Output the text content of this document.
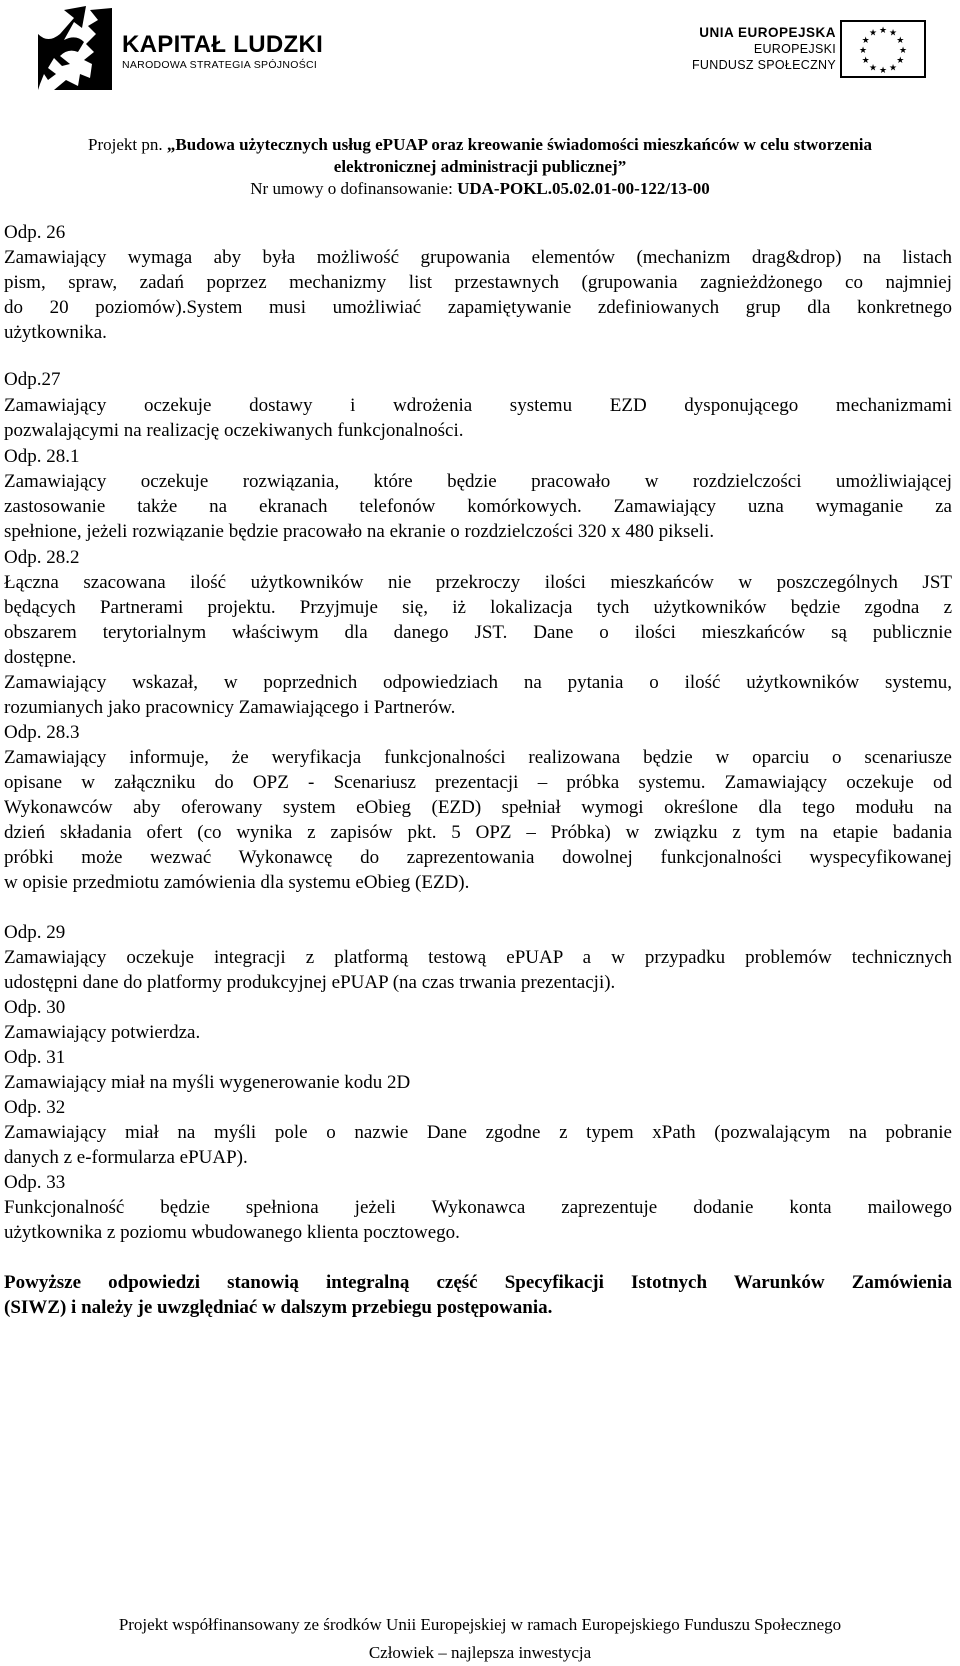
KAPITAŁ LUDZKI
NARODOWA STRATEGIA SPÓJNOŚCI
UNIA EUROPEJSKA
EUROPEJSKI
FUNDUSZ SPOŁECZNY
★ ★
★
★
★
★
★
★
★
★
★
★
Projekt pn. „Budowa użytecznych usług ePUAP oraz kreowanie świadomości mieszkańców w celu stworzenia
elektronicznej administracji publicznej”
Nr umowy o dofinansowanie: UDA-POKL.05.02.01-00-122/13-00
Odp. 26
Zamawiający wymaga aby była możliwość grupowania elementów (mechanizm drag&drop) na listach
pism, spraw, zadań poprzez mechanizmy list przestawnych (grupowania zagnieżdżonego co najmniej
do 20 poziomów).System musi umożliwiać zapamiętywanie zdefiniowanych grup dla konkretnego
użytkownika.
Odp.27
Zamawiający oczekuje dostawy i wdrożenia systemu EZD dysponującego mechanizmami
pozwalającymi na realizację oczekiwanych funkcjonalności.
Odp. 28.1
Zamawiający oczekuje rozwiązania, które będzie pracowało w rozdzielczości umożliwiającej
zastosowanie także na ekranach telefonów komórkowych. Zamawiający uzna wymaganie za
spełnione, jeżeli rozwiązanie będzie pracowało na ekranie o rozdzielczości 320 x 480 pikseli.
Odp. 28.2
Łączna szacowana ilość użytkowników nie przekroczy ilości mieszkańców w poszczególnych JST
będących Partnerami projektu. Przyjmuje się, iż lokalizacja tych użytkowników będzie zgodna z
obszarem terytorialnym właściwym dla danego JST. Dane o ilości mieszkańców są publicznie
dostępne.
Zamawiający wskazał, w poprzednich odpowiedziach na pytania o ilość użytkowników systemu,
rozumianych jako pracownicy Zamawiającego i Partnerów.
Odp. 28.3
Zamawiający informuje, że weryfikacja funkcjonalności realizowana będzie w oparciu o scenariusze
opisane w załączniku do OPZ - Scenariusz prezentacji – próbka systemu. Zamawiający oczekuje od
Wykonawców aby oferowany system eObieg (EZD) spełniał wymogi określone dla tego modułu na
dzień składania ofert (co wynika z zapisów pkt. 5 OPZ – Próbka) w związku z tym na etapie badania
próbki może wezwać Wykonawcę do zaprezentowania dowolnej funkcjonalności wyspecyfikowanej
w opisie przedmiotu zamówienia dla systemu eObieg (EZD).
Odp. 29
Zamawiający oczekuje integracji z platformą testową ePUAP a w przypadku problemów technicznych
udostępni dane do platformy produkcyjnej ePUAP (na czas trwania prezentacji).
Odp. 30
Zamawiający potwierdza.
Odp. 31
Zamawiający miał na myśli wygenerowanie kodu 2D
Odp. 32
Zamawiający miał na myśli pole o nazwie Dane zgodne z typem xPath (pozwalającym na pobranie
danych z e-formularza ePUAP).
Odp. 33
Funkcjonalność będzie spełniona jeżeli Wykonawca zaprezentuje dodanie konta mailowego
użytkownika z poziomu wbudowanego klienta pocztowego.
Powyższe odpowiedzi stanowią integralną część Specyfikacji Istotnych Warunków Zamówienia
(SIWZ) i należy je uwzględniać w dalszym przebiegu postępowania.
Projekt współfinansowany ze środków Unii Europejskiej w ramach Europejskiego Funduszu Społecznego
Człowiek – najlepsza inwestycja
